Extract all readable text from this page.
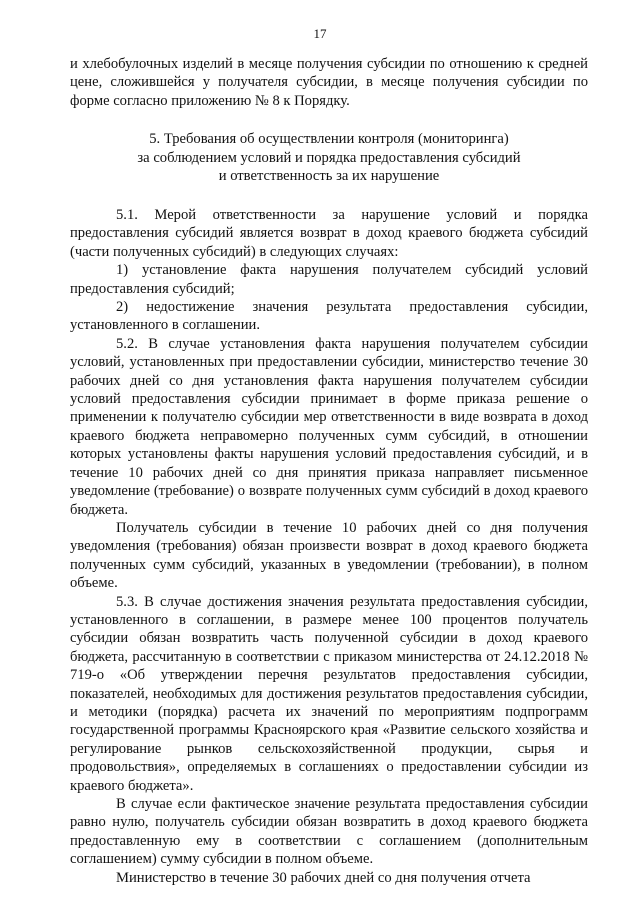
17

и хлебобулочных изделий в месяце получения субсидии по отношению к средней цене, сложившейся у получателя субсидии, в месяце получения субсидии по форме согласно приложению № 8 к Порядку.

5. Требования об осуществлении контроля (мониторинга)
за соблюдением условий и порядка предоставления субсидий
и ответственность за их нарушение

5.1. Мерой ответственности за нарушение условий и порядка предоставления субсидий является возврат в доход краевого бюджета субсидий (части полученных субсидий) в следующих случаях:

1) установление факта нарушения получателем субсидий условий предоставления субсидий;

2) недостижение значения результата предоставления субсидии, установленного в соглашении.

5.2. В случае установления факта нарушения получателем субсидии условий, установленных при предоставлении субсидии, министерство течение 30 рабочих дней со дня установления факта нарушения получателем субсидии условий предоставления субсидии принимает в форме приказа решение о применении к получателю субсидии мер ответственности в виде возврата в доход краевого бюджета неправомерно полученных сумм субсидий, в отношении которых установлены факты нарушения условий предоставления субсидий, и в течение 10 рабочих дней со дня принятия приказа направляет письменное уведомление (требование) о возврате полученных сумм субсидий в доход краевого бюджета.

Получатель субсидии в течение 10 рабочих дней со дня получения уведомления (требования) обязан произвести возврат в доход краевого бюджета полученных сумм субсидий, указанных в уведомлении (требовании), в полном объеме.

5.3. В случае достижения значения результата предоставления субсидии, установленного в соглашении, в размере менее 100 процентов получатель субсидии обязан возвратить часть полученной субсидии в доход краевого бюджета, рассчитанную в соответствии с приказом министерства от 24.12.2018 № 719-о «Об утверждении перечня результатов предоставления субсидии, показателей, необходимых для достижения результатов предоставления субсидии, и методики (порядка) расчета их значений по мероприятиям подпрограмм государственной программы Красноярского края «Развитие сельского хозяйства и регулирование рынков сельскохозяйственной продукции, сырья и продовольствия», определяемых в соглашениях о предоставлении субсидии из краевого бюджета».

В случае если фактическое значение результата предоставления субсидии равно нулю, получатель субсидии обязан возвратить в доход краевого бюджета предоставленную ему в соответствии с соглашением (дополнительным соглашением) сумму субсидии в полном объеме.

Министерство в течение 30 рабочих дней со дня получения отчета
